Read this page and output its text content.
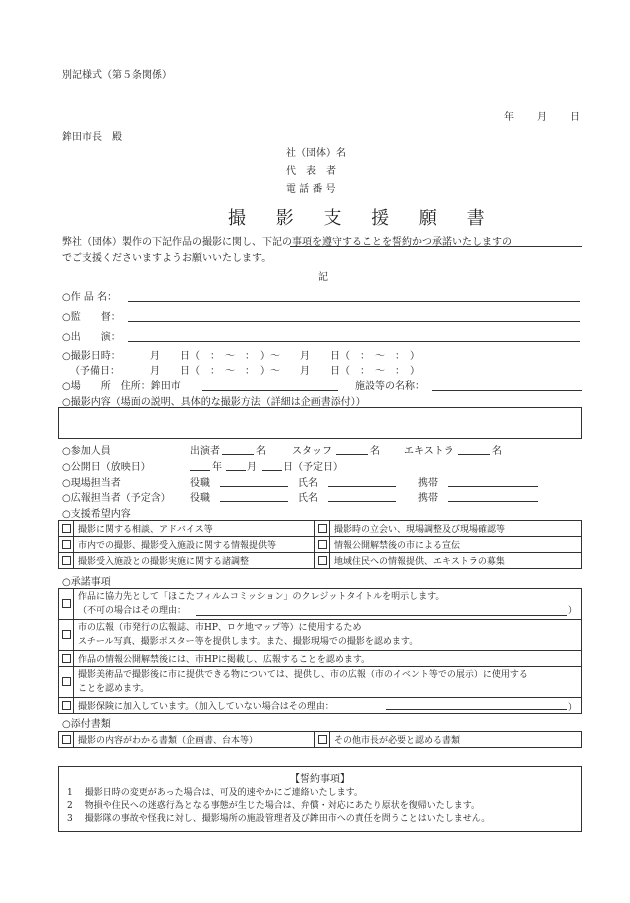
別記様式（第５条関係）
年 月 日
鉾田市長　殿
社（団体）名
代　表　者
電 話 番 号
撮 影 支 援 願 書
弊社（団体）製作の下記作品の撮影に関し、下記の事項を遵守することを誓約かつ承諾いたしますの
でご支援くださいますようお願いいたします。
記
○作 品 名：
○監　　督：
○出　　演：
○撮影日時：	月　　日（　：　～　：　）～　　月　　日（　：　～　：　）
（予備日：	月　　日（　：　～　：　）～　　月　　日（　：　～　：　）
○場　　所　住所：鉾田市	施設等の名称：
○撮影内容（場面の説明、具体的な撮影方法（詳細は企画書添付））
○参加人員	出演者	名	スタッフ	名 エキストラ	名
○公開日（放映日）	年	月	日（予定日）
○現場担当者	役職	氏名	携帯
○広報担当者（予定含） 役職	氏名	携帯
○支援希望内容
	撮影に関する相談、アドバイス等		撮影時の立会い、現場調整及び現場確認等
	市内での撮影、撮影受入施設に関する情報提供等		情報公開解禁後の市による宣伝
	撮影受入施設との撮影実施に関する諸調整		地域住民への情報提供、エキストラの募集
○承諾事項

	作品に協力先として「ほこたフィルムコミッション」のクレジットタイトルを明示します。
（不可の場合はその理由： ）

	市の広報（市発行の広報誌、市HP、ロケ地マップ等）に使用するため
スチール写真、撮影ポスター等を提供します。また、撮影現場での撮影を認めます。

	作品の情報公開解禁後には、市HPに掲載し、広報することを認めます。

	撮影美術品で撮影後に市に提供できる物については、提供し、市の広報（市のイベント等での展示）に使用する
ことを認めます。

	撮影保険に加入しています。（加入していない場合はその理由： ）
○添付書類
	撮影の内容がわかる書類（企画書、台本等）		その他市長が必要と認める書類
【誓約事項】
1 撮影日時の変更があった場合は、可及的速やかにご連絡いたします。
2 物損や住民への迷惑行為となる事態が生じた場合は、弁償・対応にあたり原状を復帰いたします。
3 撮影隊の事故や怪我に対し、撮影場所の施設管理者及び鉾田市への責任を問うことはいたしません。
